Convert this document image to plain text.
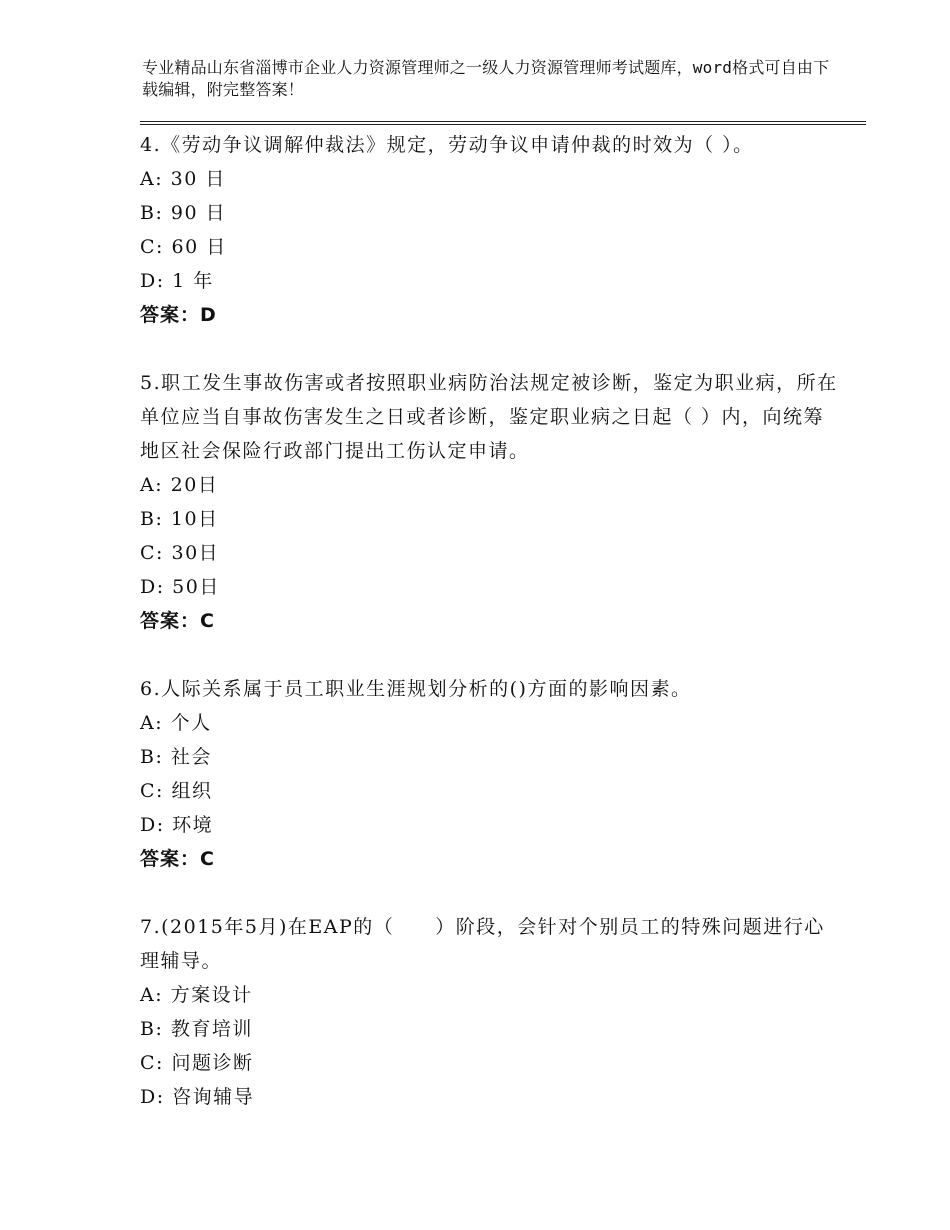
专业精品山东省淄博市企业人力资源管理师之一级人力资源管理师考试题库，word格式可自由下载编辑，附完整答案！
4.《劳动争议调解仲裁法》规定，劳动争议申请仲裁的时效为（ ）。
A: 30 日
B: 90 日
C: 60 日
D: 1 年
答案：D
5.职工发生事故伤害或者按照职业病防治法规定被诊断，鉴定为职业病，所在单位应当自事故伤害发生之日或者诊断，鉴定职业病之日起（ ）内，向统筹地区社会保险行政部门提出工伤认定申请。
A: 20日
B: 10日
C: 30日
D: 50日
答案：C
6.人际关系属于员工职业生涯规划分析的()方面的影响因素。
A: 个人
B: 社会
C: 组织
D: 环境
答案：C
7.(2015年5月)在EAP的（　　）阶段，会针对个别员工的特殊问题进行心理辅导。
A: 方案设计
B: 教育培训
C: 问题诊断
D: 咨询辅导
